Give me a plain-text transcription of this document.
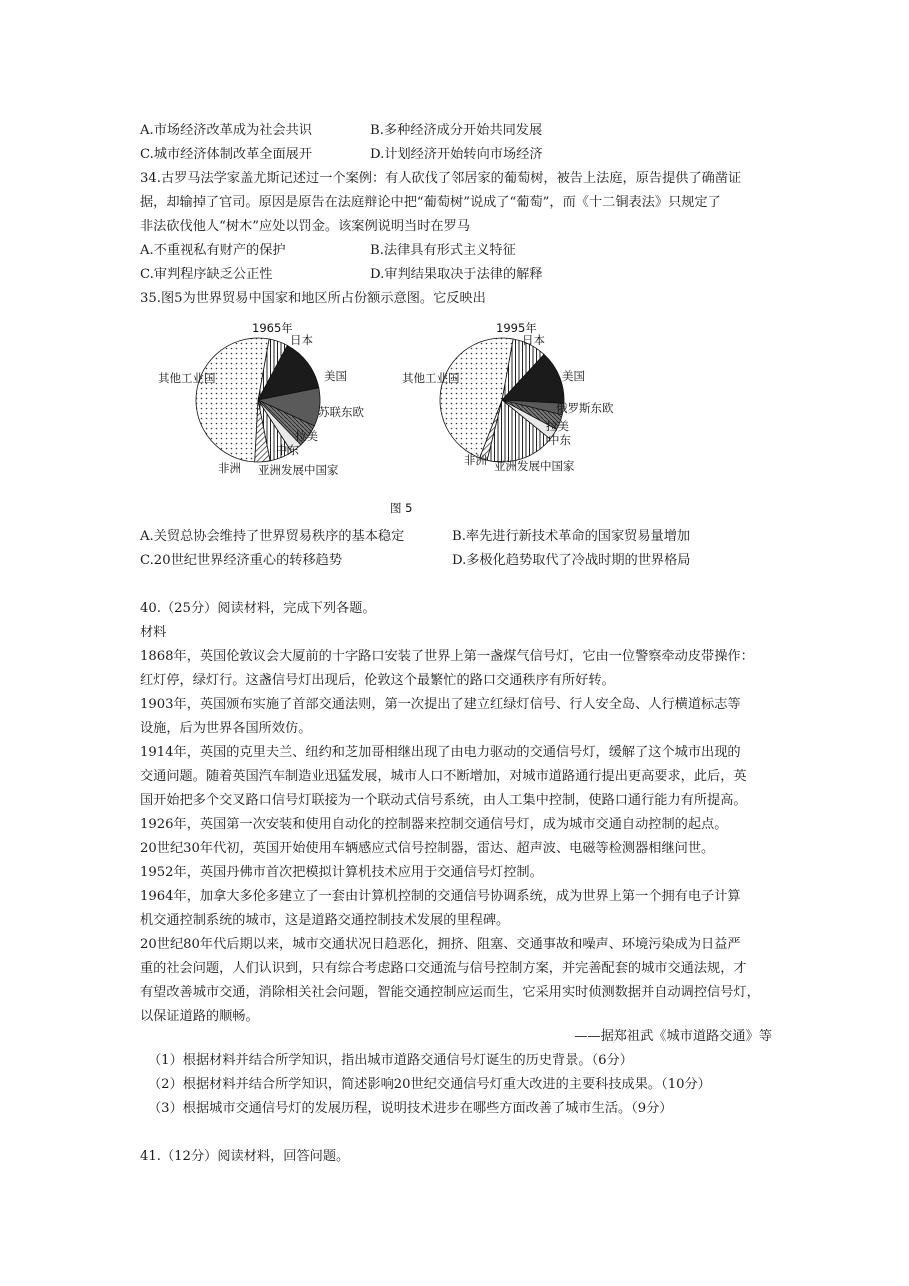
A.市场经济改革成为社会共识	B.多种经济成分开始共同发展
C.城市经济体制改革全面展开	D.计划经济开始转向市场经济
34.古罗马法学家盖尤斯记述过一个案例：有人砍伐了邻居家的葡萄树，被告上法庭，原告提供了确凿证
据，却输掉了官司。原因是原告在法庭辩论中把“葡萄树”说成了“葡萄”，而《十二铜表法》只规定了
非法砍伐他人“树木”应处以罚金。该案例说明当时在罗马
A.不重视私有财产的保护	B.法律具有形式主义特征
C.审判程序缺乏公正性	D.审判结果取决于法律的解释
35.图5为世界贸易中国家和地区所占份额示意图。它反映出
1965年
日本
美国
苏联东欧
拉美
中东
亚洲发展中国家
非洲
其他工业国
1995年
日本
美国
俄罗斯东欧
拉美
中东
亚洲发展中国家
非洲
其他工业国
图 5
A.关贸总协会维持了世界贸易秩序的基本稳定	B.率先进行新技术革命的国家贸易量增加
C.20世纪世界经济重心的转移趋势	D.多极化趋势取代了冷战时期的世界格局
40.（25分）阅读材料，完成下列各题。
材料
1868年，英国伦敦议会大厦前的十字路口安装了世界上第一盏煤气信号灯，它由一位警察牵动皮带操作：
红灯停，绿灯行。这盏信号灯出现后，伦敦这个最繁忙的路口交通秩序有所好转。
1903年，英国颁布实施了首部交通法则，第一次提出了建立红绿灯信号、行人安全岛、人行横道标志等
设施，后为世界各国所效仿。
1914年，英国的克里夫兰、纽约和芝加哥相继出现了由电力驱动的交通信号灯，缓解了这个城市出现的
交通问题。随着英国汽车制造业迅猛发展，城市人口不断增加，对城市道路通行提出更高要求，此后，英
国开始把多个交叉路口信号灯联接为一个联动式信号系统，由人工集中控制，使路口通行能力有所提高。
1926年，英国第一次安装和使用自动化的控制器来控制交通信号灯，成为城市交通自动控制的起点。
20世纪30年代初，英国开始使用车辆感应式信号控制器，雷达、超声波、电磁等检测器相继问世。
1952年，英国丹佛市首次把模拟计算机技术应用于交通信号灯控制。
1964年，加拿大多伦多建立了一套由计算机控制的交通信号协调系统，成为世界上第一个拥有电子计算
机交通控制系统的城市，这是道路交通控制技术发展的里程碑。
20世纪80年代后期以来，城市交通状况日趋恶化，拥挤、阻塞、交通事故和噪声、环境污染成为日益严
重的社会问题，人们认识到，只有综合考虑路口交通流与信号控制方案，并完善配套的城市交通法规，才
有望改善城市交通，消除相关社会问题，智能交通控制应运而生，它采用实时侦测数据并自动调控信号灯，
以保证道路的顺畅。
——据郑祖武《城市道路交通》等
（1）根据材料并结合所学知识，指出城市道路交通信号灯诞生的历史背景。（6分）
（2）根据材料并结合所学知识，简述影响20世纪交通信号灯重大改进的主要科技成果。（10分）
（3）根据城市交通信号灯的发展历程，说明技术进步在哪些方面改善了城市生活。（9分）
41.（12分）阅读材料，回答问题。
